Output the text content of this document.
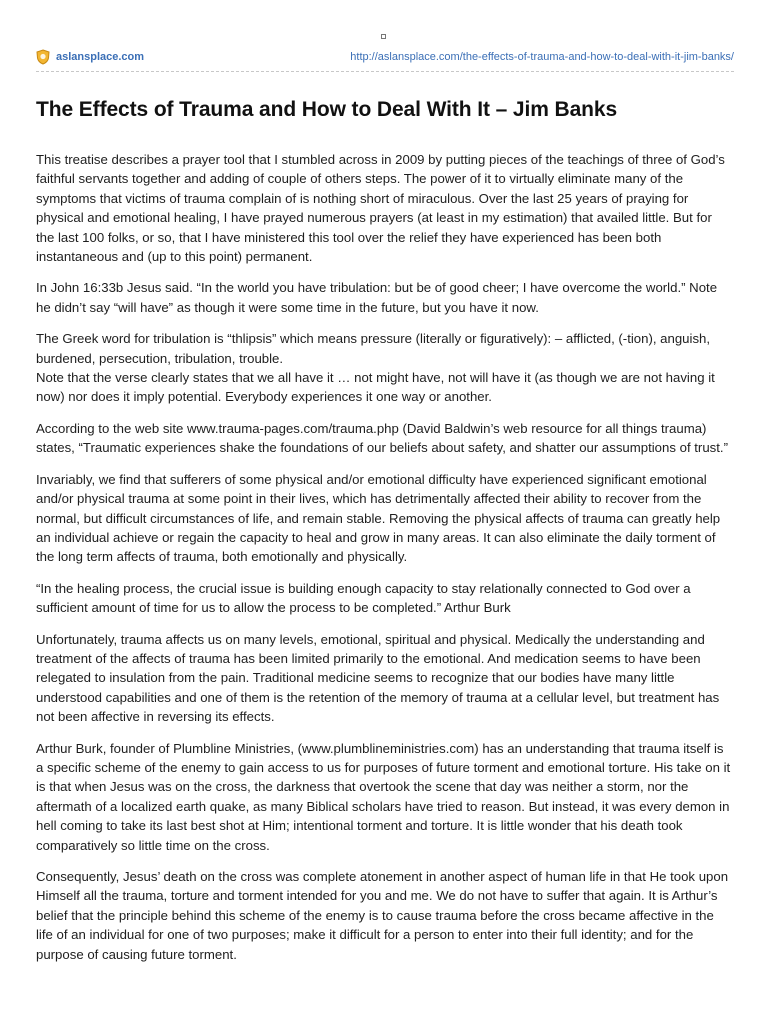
aslansplace.com	http://aslansplace.com/the-effects-of-trauma-and-how-to-deal-with-it-jim-banks/
The Effects of Trauma and How to Deal With It – Jim Banks

This treatise describes a prayer tool that I stumbled across in 2009 by putting pieces of the teachings of three of God’s faithful servants together and adding of couple of others steps. The power of it to virtually eliminate many of the symptoms that victims of trauma complain of is nothing short of miraculous. Over the last 25 years of praying for physical and emotional healing, I have prayed numerous prayers (at least in my estimation) that availed little. But for the last 100 folks, or so, that I have ministered this tool over the relief they have experienced has been both instantaneous and (up to this point) permanent.

In John 16:33b Jesus said. “In the world you have tribulation: but be of good cheer; I have overcome the world.” Note he didn’t say “will have” as though it were some time in the future, but you have it now.

The Greek word for tribulation is “thlipsis” which means pressure (literally or figuratively): – afflicted, (-tion), anguish, burdened, persecution, tribulation, trouble.

Note that the verse clearly states that we all have it … not might have, not will have it (as though we are not having it now) nor does it imply potential. Everybody experiences it one way or another.

According to the web site www.trauma-pages.com/trauma.php (David Baldwin’s web resource for all things trauma) states, “Traumatic experiences shake the foundations of our beliefs about safety, and shatter our assumptions of trust.”

Invariably, we find that sufferers of some physical and/or emotional difficulty have experienced significant emotional and/or physical trauma at some point in their lives, which has detrimentally affected their ability to recover from the normal, but difficult circumstances of life, and remain stable. Removing the physical affects of trauma can greatly help an individual achieve or regain the capacity to heal and grow in many areas. It can also eliminate the daily torment of the long term affects of trauma, both emotionally and physically.

“In the healing process, the crucial issue is building enough capacity to stay relationally connected to God over a sufficient amount of time for us to allow the process to be completed.” Arthur Burk

Unfortunately, trauma affects us on many levels, emotional, spiritual and physical. Medically the understanding and treatment of the affects of trauma has been limited primarily to the emotional. And medication seems to have been relegated to insulation from the pain. Traditional medicine seems to recognize that our bodies have many little understood capabilities and one of them is the retention of the memory of trauma at a cellular level, but treatment has not been affective in reversing its effects.

Arthur Burk, founder of Plumbline Ministries, (www.plumblineministries.com) has an understanding that trauma itself is a specific scheme of the enemy to gain access to us for purposes of future torment and emotional torture. His take on it is that when Jesus was on the cross, the darkness that overtook the scene that day was neither a storm, nor the aftermath of a localized earth quake, as many Biblical scholars have tried to reason. But instead, it was every demon in hell coming to take its last best shot at Him; intentional torment and torture. It is little wonder that his death took comparatively so little time on the cross.

Consequently, Jesus’ death on the cross was complete atonement in another aspect of human life in that He took upon Himself all the trauma, torture and torment intended for you and me. We do not have to suffer that again. It is Arthur’s belief that the principle behind this scheme of the enemy is to cause trauma before the cross became affective in the life of an individual for one of two purposes; make it difficult for a person to enter into their full identity; and for the purpose of causing future torment.
